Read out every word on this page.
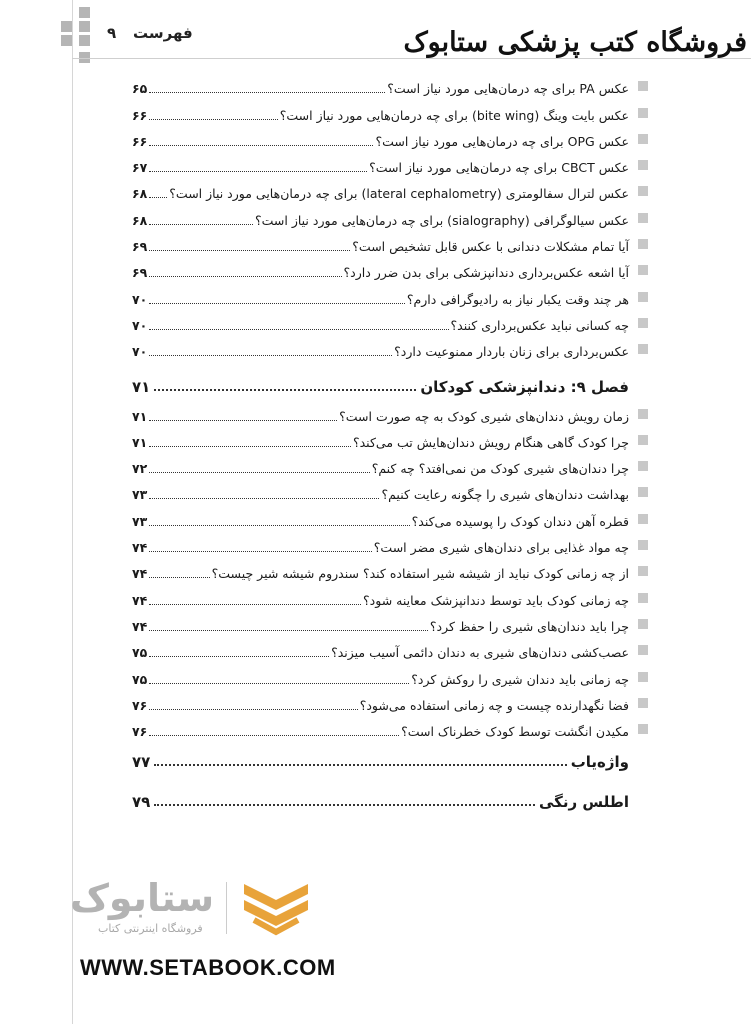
۹ فهرست	فروشگاه کتب پزشکی ستابوک
عکس PA برای چه درمان‌هایی مورد نیاز است؟
۶۵
عکس بایت وینگ (bite wing) برای چه درمان‌هایی مورد نیاز است؟
۶۶
عکس OPG برای چه درمان‌هایی مورد نیاز است؟
۶۶
عکس CBCT برای چه درمان‌هایی مورد نیاز است؟
۶۷
عکس لترال سفالومتری (lateral cephalometry) برای چه درمان‌هایی مورد نیاز است؟
۶۸
عکس سیالوگرافی (sialography) برای چه درمان‌هایی مورد نیاز است؟
۶۸
آیا تمام مشکلات دندانی با عکس قابل تشخیص است؟
۶۹
آیا اشعه عکس‌برداری دندانپزشکی برای بدن ضرر دارد؟
۶۹
هر چند وقت یکبار نیاز به رادیوگرافی دارم؟
۷۰
چه کسانی نباید عکس‌برداری کنند؟
۷۰
عکس‌برداری برای زنان باردار ممنوعیت دارد؟
۷۰
فصل ۹: دندانپزشکی کودکان
۷۱
زمان رویش دندان‌های شیری کودک به چه صورت است؟
۷۱
چرا کودک گاهی هنگام رویش دندان‌هایش تب می‌کند؟
۷۱
چرا دندان‌های شیری کودک من نمی‌افتد؟ چه کنم؟
۷۲
بهداشت دندان‌های شیری را چگونه رعایت کنیم؟
۷۳
قطره آهن دندان کودک را پوسیده می‌کند؟
۷۳
چه مواد غذایی برای دندان‌های شیری مضر است؟
۷۴
از چه زمانی کودک نباید از شیشه شیر استفاده کند؟ سندروم شیشه شیر چیست؟
۷۴
چه زمانی کودک باید توسط دندانپزشک معاینه شود؟
۷۴
چرا باید دندان‌های شیری را حفظ کرد؟
۷۴
عصب‌کشی دندان‌های شیری به دندان دائمی آسیب میزند؟
۷۵
چه زمانی باید دندان شیری را روکش کرد؟
۷۵
فضا نگهدارنده چیست و چه زمانی استفاده می‌شود؟
۷۶
مکیدن انگشت توسط کودک خطرناک است؟
۷۶
واژه‌یاب
۷۷
اطلس رنگی
۷۹
ستابوک
فروشگاه اینترنتی کتاب
WWW.SETABOOK.COM
